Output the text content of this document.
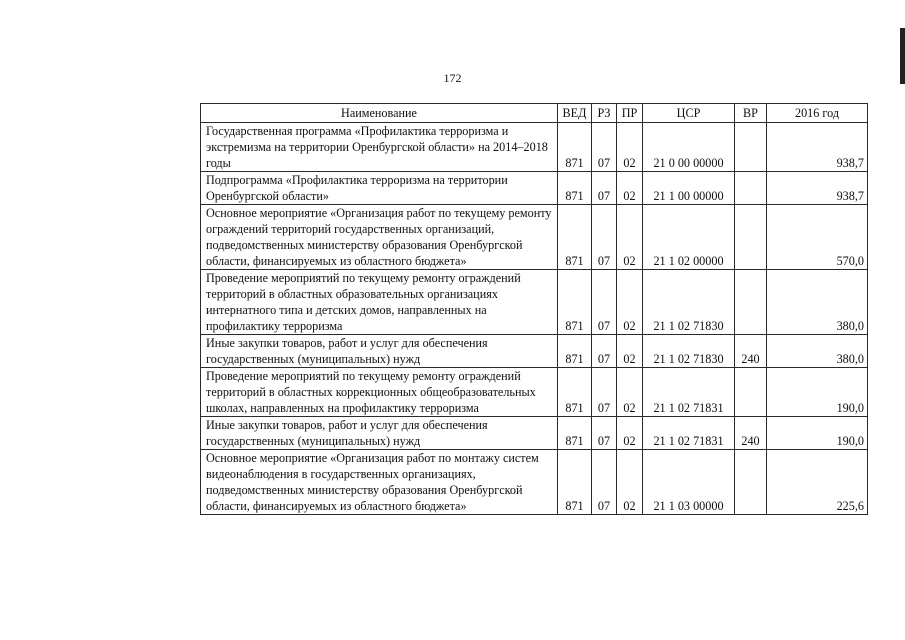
172
Наименование	ВЕД	РЗ	ПР	ЦСР	ВР	2016 год
Государственная программа «Профилактика терроризма и экстремизма на территории Оренбургской области» на 2014–2018 годы	871	07	02	21 0 00 00000		938,7
Подпрограмма «Профилактика терроризма на территории Оренбургской области»	871	07	02	21 1 00 00000		938,7
Основное мероприятие «Организация работ по текущему ремонту ограждений территорий государственных организаций, подведомственных министерству образования Оренбургской области, финансируемых из областного бюджета»	871	07	02	21 1 02 00000		570,0
Проведение мероприятий по текущему ремонту ограждений территорий в областных образовательных организациях интернатного типа и детских домов, направленных на профилактику терроризма	871	07	02	21 1 02 71830		380,0
Иные закупки товаров, работ и услуг для обеспечения государственных (муниципальных) нужд	871	07	02	21 1 02 71830	240	380,0
Проведение мероприятий по текущему ремонту ограждений территорий в областных коррекционных общеобразовательных школах, направленных на профилактику терроризма	871	07	02	21 1 02 71831		190,0
Иные закупки товаров, работ и услуг для обеспечения государственных (муниципальных) нужд	871	07	02	21 1 02 71831	240	190,0
Основное мероприятие «Организация работ по монтажу систем видеонаблюдения в государственных организациях, подведомственных министерству образования Оренбургской области, финансируемых из областного бюджета»	871	07	02	21 1 03 00000		225,6
